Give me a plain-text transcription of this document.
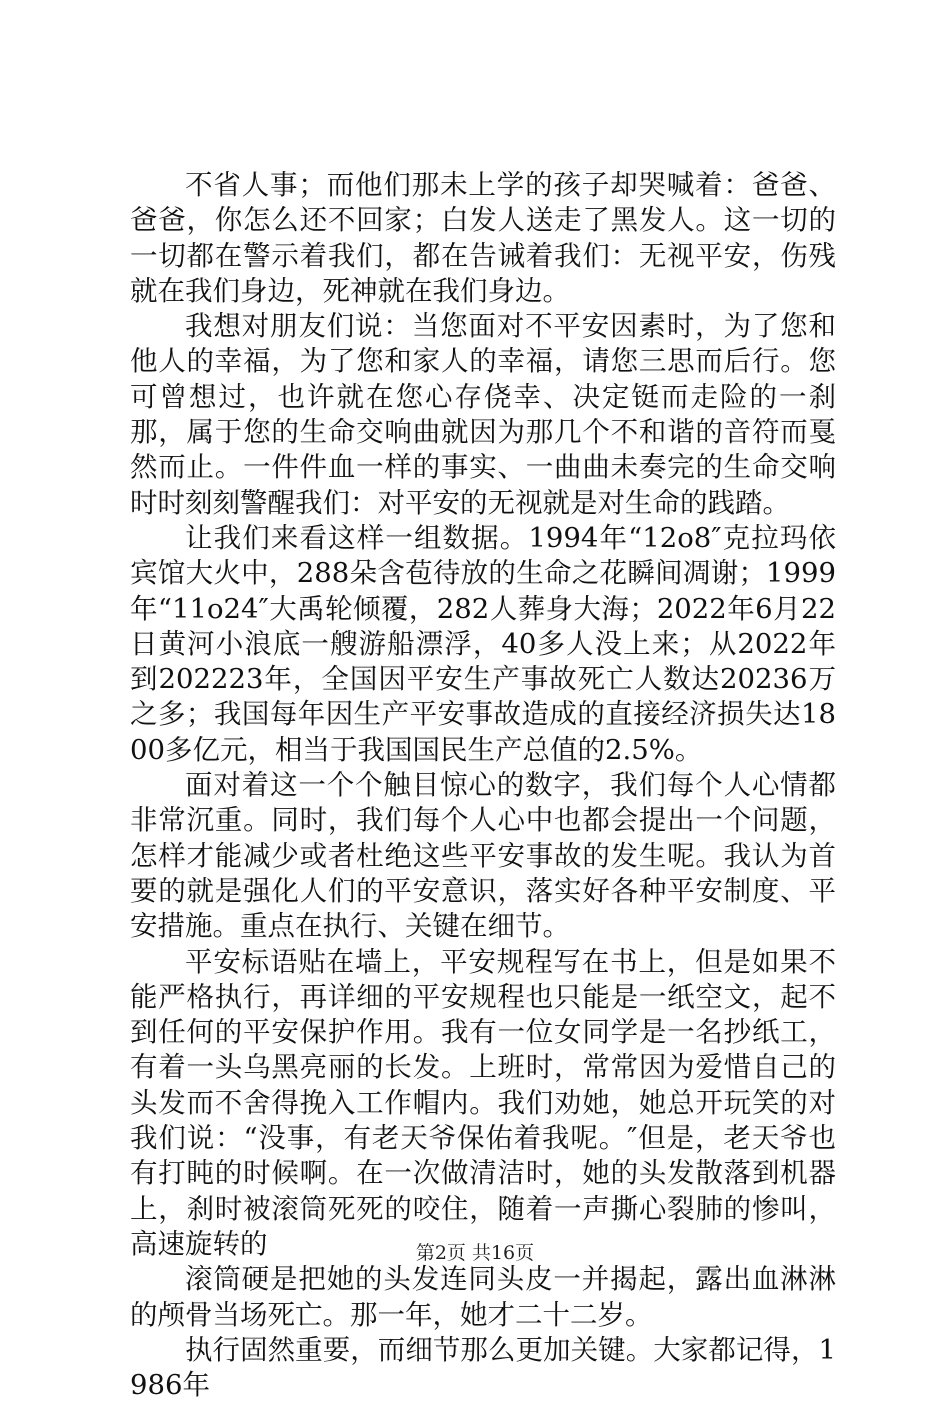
不省人事；而他们那未上学的孩子却哭喊着：爸爸、爸爸，你怎么还不回家；白发人送走了黑发人。这一切的一切都在警示着我们，都在告诫着我们：无视平安，伤残就在我们身边，死神就在我们身边。

我想对朋友们说：当您面对不平安因素时，为了您和他人的幸福，为了您和家人的幸福，请您三思而后行。您可曾想过，也许就在您心存侥幸、决定铤而走险的一刹那，属于您的生命交响曲就因为那几个不和谐的音符而戛然而止。一件件血一样的事实、一曲曲未奏完的生命交响时时刻刻警醒我们：对平安的无视就是对生命的践踏。

让我们来看这样一组数据。1994年“12o8″克拉玛依宾馆大火中，288朵含苞待放的生命之花瞬间凋谢；1999年“11o24″大禹轮倾覆，282人葬身大海；2022年6月22日黄河小浪底一艘游船漂浮，40多人没上来；从2022年到202223年，全国因平安生产事故死亡人数达20236万之多；我国每年因生产平安事故造成的直接经济损失达1800多亿元，相当于我国国民生产总值的2.5%。

面对着这一个个触目惊心的数字，我们每个人心情都非常沉重。同时，我们每个人心中也都会提出一个问题，怎样才能减少或者杜绝这些平安事故的发生呢。我认为首要的就是强化人们的平安意识，落实好各种平安制度、平安措施。重点在执行、关键在细节。

平安标语贴在墙上，平安规程写在书上，但是如果不能严格执行，再详细的平安规程也只能是一纸空文，起不到任何的平安保护作用。我有一位女同学是一名抄纸工，有着一头乌黑亮丽的长发。上班时，常常因为爱惜自己的头发而不舍得挽入工作帽内。我们劝她，她总开玩笑的对我们说：“没事，有老天爷保佑着我呢。″但是，老天爷也有打盹的时候啊。在一次做清洁时，她的头发散落到机器上，刹时被滚筒死死的咬住，随着一声撕心裂肺的惨叫，高速旋转的

滚筒硬是把她的头发连同头皮一并揭起，露出血淋淋的颅骨当场死亡。那一年，她才二十二岁。

执行固然重要，而细节那么更加关键。大家都记得，1986年

第2页 共16页
